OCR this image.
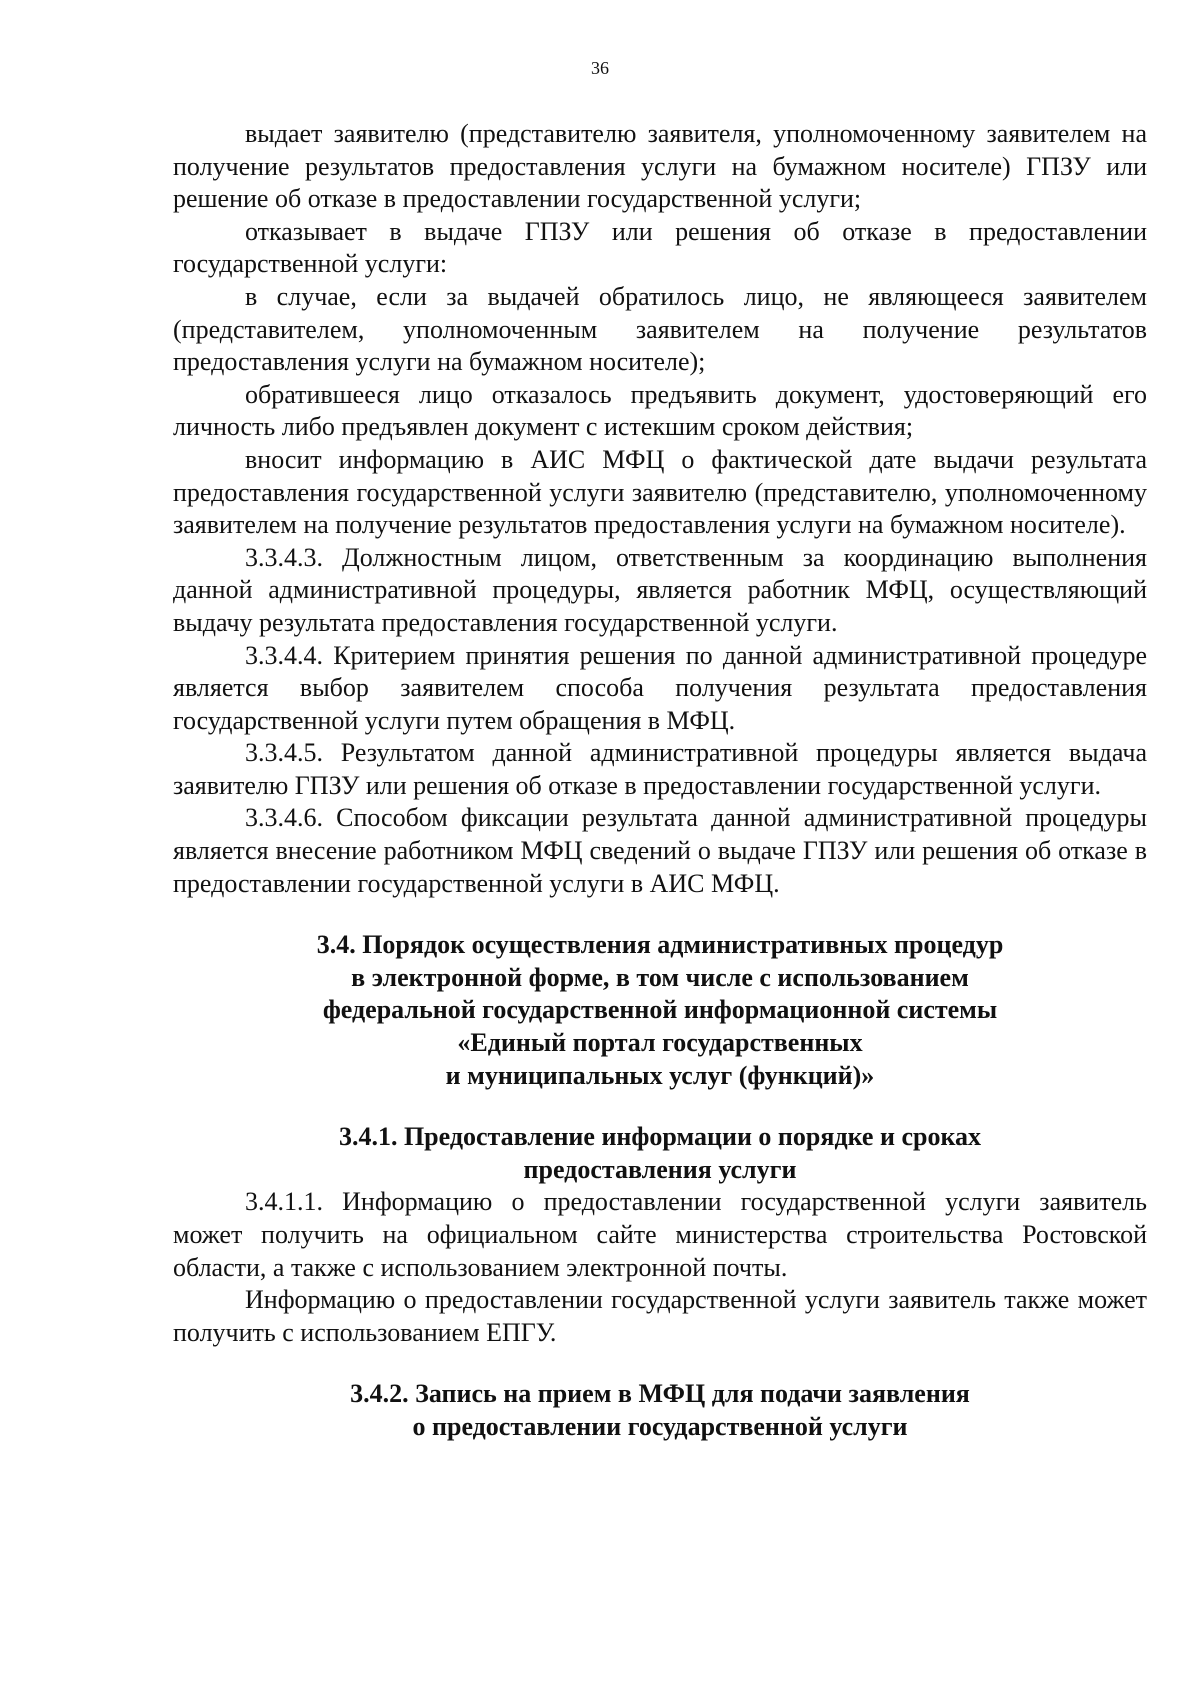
36

выдает заявителю (представителю заявителя, уполномоченному заявителем на получение результатов предоставления услуги на бумажном носителе) ГПЗУ или решение об отказе в предоставлении государственной услуги;

отказывает в выдаче ГПЗУ или решения об отказе в предоставлении государственной услуги:

в случае, если за выдачей обратилось лицо, не являющееся заявителем (представителем, уполномоченным заявителем на получение результатов предоставления услуги на бумажном носителе);

обратившееся лицо отказалось предъявить документ, удостоверяющий его личность либо предъявлен документ с истекшим сроком действия;

вносит информацию в АИС МФЦ о фактической дате выдачи результата предоставления государственной услуги заявителю (представителю, уполномоченному заявителем на получение результатов предоставления услуги на бумажном носителе).

3.3.4.3. Должностным лицом, ответственным за координацию выполнения данной административной процедуры, является работник МФЦ, осуществляющий выдачу результата предоставления государственной услуги.

3.3.4.4. Критерием принятия решения по данной административной процедуре является выбор заявителем способа получения результата предоставления государственной услуги путем обращения в МФЦ.

3.3.4.5. Результатом данной административной процедуры является выдача заявителю ГПЗУ или решения об отказе в предоставлении государственной услуги.

3.3.4.6. Способом фиксации результата данной административной процедуры является внесение работником МФЦ сведений о выдаче ГПЗУ или решения об отказе в предоставлении государственной услуги в АИС МФЦ.

3.4. Порядок осуществления административных процедур
в электронной форме, в том числе с использованием
федеральной государственной информационной системы
«Единый портал государственных
и муниципальных услуг (функций)»
3.4.1. Предоставление информации о порядке и сроках
предоставления услуги

3.4.1.1. Информацию о предоставлении государственной услуги заявитель может получить на официальном сайте министерства строительства Ростовской области, а также с использованием электронной почты.

Информацию о предоставлении государственной услуги заявитель также может получить с использованием ЕПГУ.

3.4.2. Запись на прием в МФЦ для подачи заявления
о предоставлении государственной услуги
